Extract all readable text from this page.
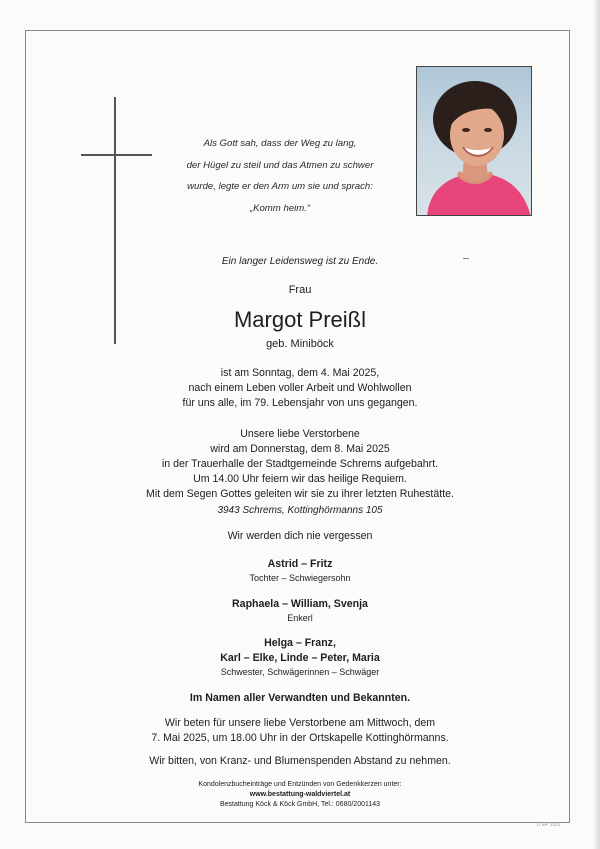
Als Gott sah, dass der Weg zu lang,
der Hügel zu steil und das Atmen zu schwer
wurde, legte er den Arm um sie und sprach:
„Komm heim.“
Ein langer Leidensweg ist zu Ende.
Frau
Margot Preißl
geb. Miniböck
ist am Sonntag, dem 4. Mai 2025,
nach einem Leben voller Arbeit und Wohlwollen
für uns alle, im 79. Lebensjahr von uns gegangen.
Unsere liebe Verstorbene
wird am Donnerstag, dem 8. Mai 2025
in der Trauerhalle der Stadtgemeinde Schrems aufgebahrt.
Um 14.00 Uhr feiern wir das heilige Requiem.
Mit dem Segen Gottes geleiten wir sie zu ihrer letzten Ruhestätte.
3943 Schrems, Kottinghörmanns 105
Wir werden dich nie vergessen
Astrid – Fritz
Tochter – Schwiegersohn
Raphaela – William, Svenja
Enkerl
Helga – Franz,
Karl – Elke, Linde – Peter, Maria
Schwester, Schwägerinnen – Schwäger
Im Namen aller Verwandten und Bekannten.
Wir beten für unsere liebe Verstorbene am Mittwoch, dem
7. Mai 2025, um 18.00 Uhr in der Ortskapelle Kottinghörmanns.
Wir bitten, von Kranz- und Blumenspenden Abstand zu nehmen.
Kondolenzbucheinträge und Entzünden von Gedenkkerzen unter:
www.bestattung-waldviertel.at
Bestattung Köck & Köck GmbH, Tel.: 0680/2001143
D EP 1101
